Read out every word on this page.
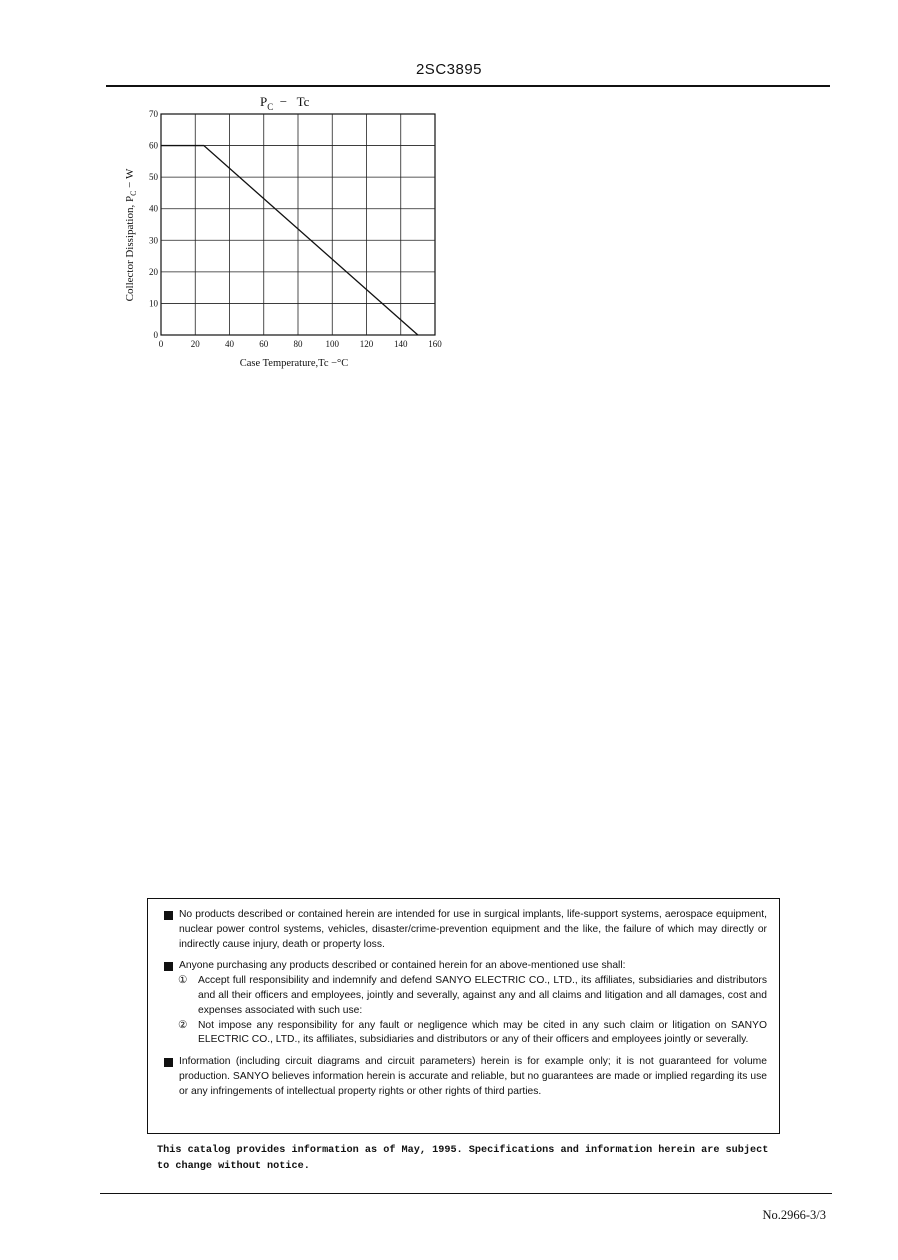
2SC3895
0	20	40	60	80	100 120 140 160
0
10
20
30
40
50
60
70
$P_C - Tc$
Collector Dissipation, $P_C - W$
Case Temperature,Tc −°C
No products described or contained herein are intended for use in surgical implants, life-support systems, aerospace equipment, nuclear power control systems, vehicles, disaster/crime-prevention equipment and the like, the failure of which may directly or indirectly cause injury, death or property loss.
Anyone purchasing any products described or contained herein for an above-mentioned use shall:
① Accept full responsibility and indemnify and defend SANYO ELECTRIC CO., LTD., its affiliates, subsidiaries and distributors and all their officers and employees, jointly and severally, against any and all claims and litigation and all damages, cost and expenses associated with such use:
② Not impose any responsibility for any fault or negligence which may be cited in any such claim or litigation on SANYO ELECTRIC CO., LTD., its affiliates, subsidiaries and distributors or any of their officers and employees jointly or severally.
Information (including circuit diagrams and circuit parameters) herein is for example only; it is not guaranteed for volume production. SANYO believes information herein is accurate and reliable, but no guarantees are made or implied regarding its use or any infringements of intellectual property rights or other rights of third parties.
This catalog provides information as of May, 1995. Specifications and information herein are subject to change without notice.
No.2966-3/3
